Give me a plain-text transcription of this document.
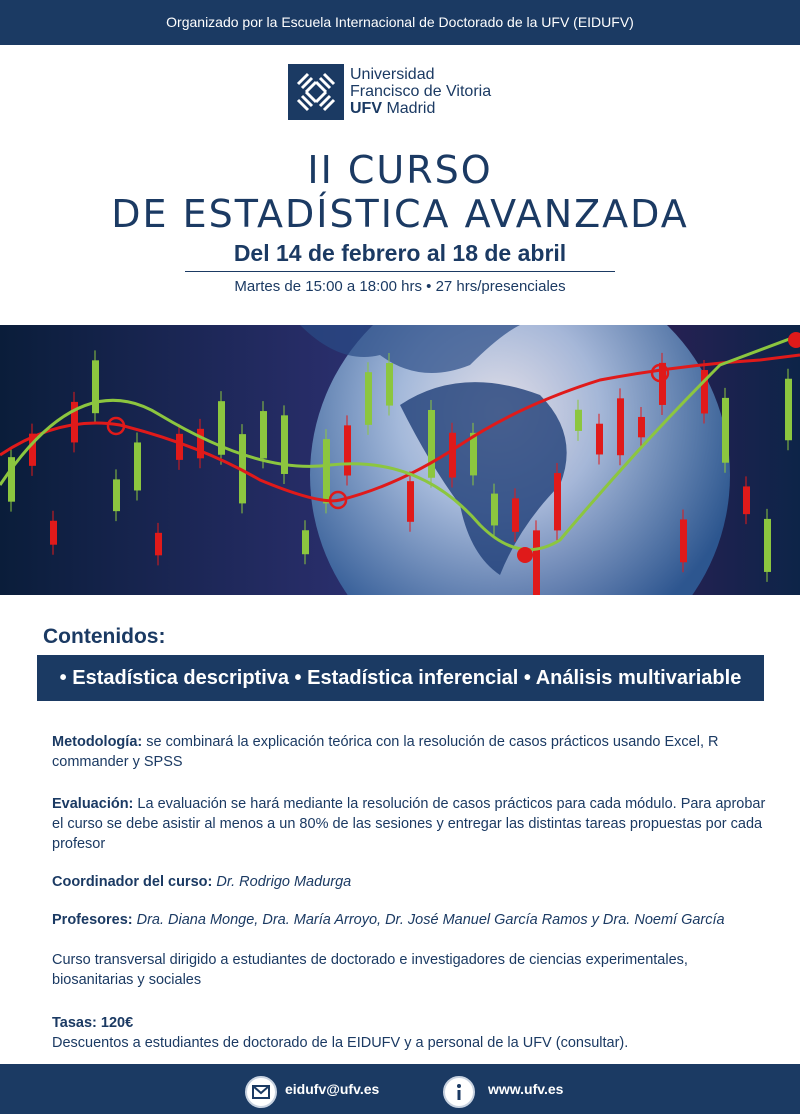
Organizado por la Escuela Internacional de Doctorado de la UFV (EIDUFV)
Universidad
Francisco de Vitoria
UFV Madrid
II CURSO
DE ESTADÍSTICA AVANZADA
Del 14 de febrero al 18 de abril
Martes de 15:00 a 18:00 hrs • 27 hrs/presenciales
Contenidos:
• Estadística descriptiva • Estadística inferencial • Análisis multivariable
Metodología: se combinará la explicación teórica con la resolución de casos prácticos usando Excel, R commander y SPSS
Evaluación: La evaluación se hará mediante la resolución de casos prácticos para cada módulo. Para aprobar el curso se debe asistir al menos a un 80% de las sesiones y entregar las distintas tareas propuestas por cada profesor
Coordinador del curso: Dr. Rodrigo Madurga
Profesores: Dra. Diana Monge, Dra. María Arroyo, Dr. José Manuel García Ramos y Dra. Noemí García
Curso transversal dirigido a estudiantes de doctorado e investigadores de ciencias experimentales, biosanitarias y sociales
Tasas: 120€
Descuentos a estudiantes de doctorado de la EIDUFV y a personal de la UFV (consultar).
eidufv@ufv.es	www.ufv.es
